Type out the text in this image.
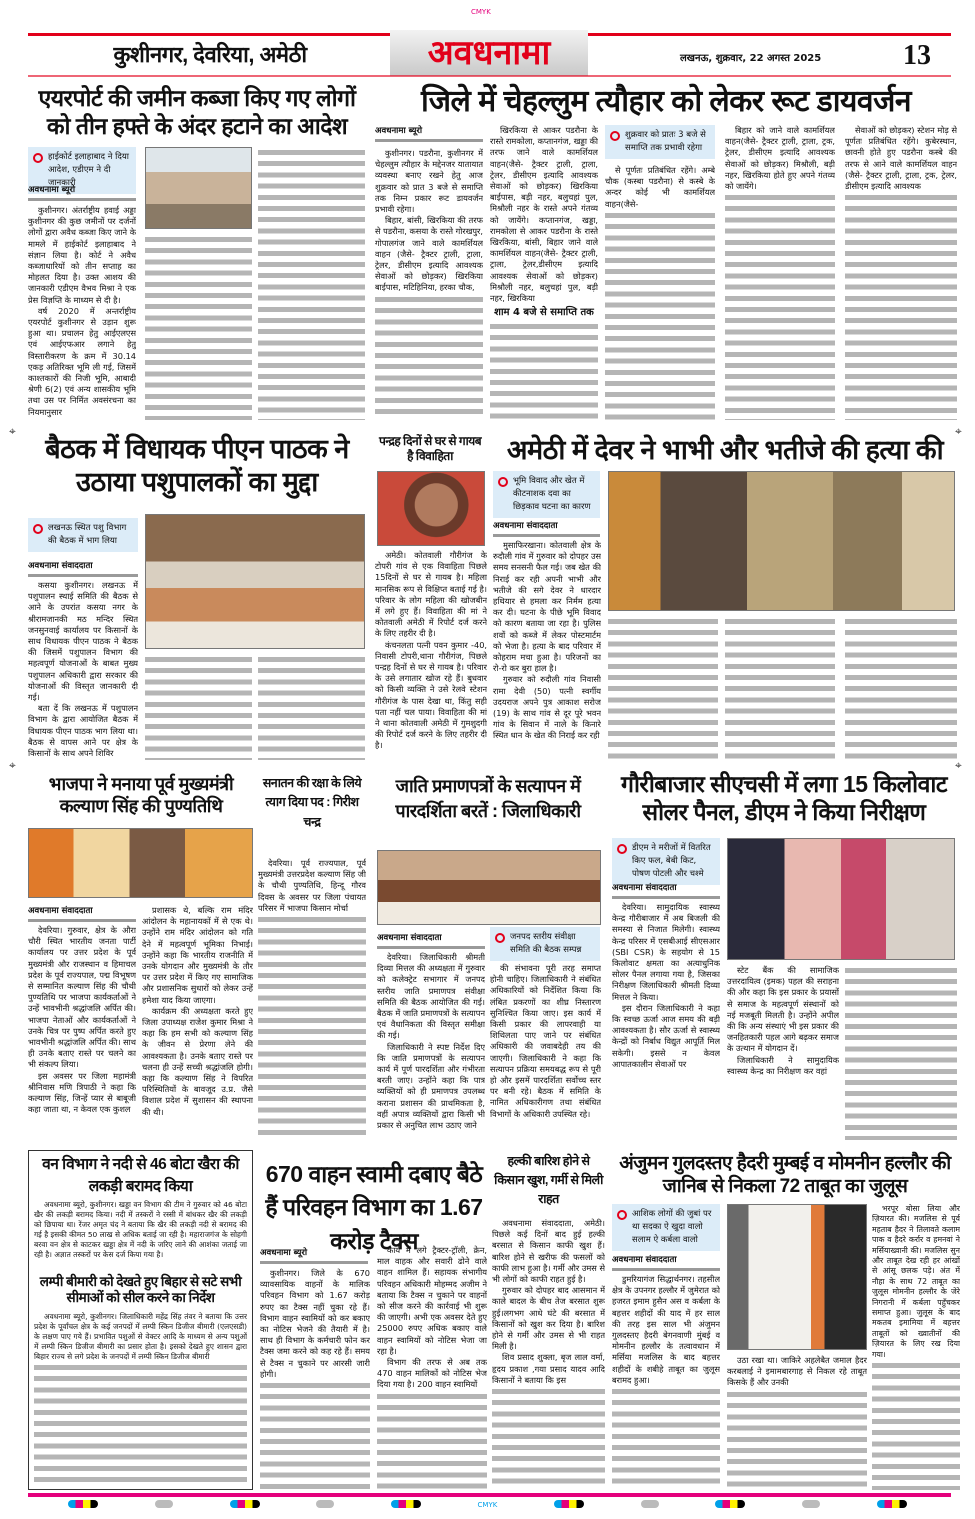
CMYK
कुशीनगर, देवरिया, अमेठी	अवधनामा	लखनऊ, शुक्रवार, 22 अगस्त 2025	13
एयरपोर्ट की जमीन कब्जा किए गए लोगों को तीन हफ्ते के अंदर हटाने का आदेश
हाईकोर्ट इलाहाबाद ने दिया आदेश, एडीएम ने दी जानकारी
अवधनामा ब्यूरो

कुशीनगर। अंतर्राष्ट्रीय हवाई अड्डा कुशीनगर की कुछ जमीनों पर दर्जनों लोगों द्वारा अवैध कब्जा किए जाने के मामले में हाईकोर्ट इलाहाबाद ने संज्ञान लिया है। कोर्ट ने अवैध कब्जाधारियों को तीन सप्ताह का मोहलत दिया है। उक्त आशय की जानकारी एडीएम वैभव मिश्रा ने एक प्रेस विज्ञप्ति के माध्यम से दी है।

वर्ष 2020 में अन्तर्राष्ट्रीय एयरपोर्ट कुशीनगर से उड़ान शुरू हुआ था। प्रचालन हेतु आईएलएस एवं आईएफआर लगाने हेतु विस्तारीकरण के क्रम में 30.14 एकड़ अतिरिक्त भूमि ली गई, जिसमें काश्तकारों की निजी भूमि, आबादी श्रेणी 6(2) एवं अन्य शासकीय भूमि तथा उस पर निर्मित अवसंरचना का नियमानुसार

जिले में चेहल्लुम त्यौहार को लेकर रूट डायवर्जन
अवधनामा ब्यूरो

कुशीनगर। पडरौना, कुशीनगर में चेहल्लुम त्यौहार के मद्देनजर यातायात व्यवस्था बनाए रखने हेतु आज शुक्रवार को प्रात 3 बजे से समाप्ति तक निम्न प्रकार रूट डायवर्जन प्रभावी रहेगा।

बिहार, बांसी, खिरकिया की तरफ से पडरौना, कसया के रास्ते गोरखपुर, गोपालगंज जाने वाले कामर्शियल वाहन (जैसे- ट्रैक्टर ट्राली, ट्राला, ट्रेलर, डीसीएम इत्यादि आवश्यक सेवाओं को छोड़कर) खिरकिया बाईपास, मटिहिनिया, हरका चौक,

खिरकिया से आकर पडरौना के रास्ते रामकोला, कप्तानगंज, खड्डा की तरफ जाने वाले कामर्शियल वाहन(जैसे- ट्रैक्टर ट्राली, ट्राला, ट्रेलर, डीसीएम इत्यादि आवश्यक सेवाओं को छोड़कर) खिरकिया बाईपास, बड़ी नहर, बलुचहां पुल, मिश्रौली नहर के रास्ते अपने गंतव्य को जायेंगे। कप्तानगंज, खड्डा, रामकोला से आकर पडरौना के रास्ते खिरकिया, बांसी, बिहार जाने वाले कामर्शियल वाहन(जैसे- ट्रैक्टर ट्राली, ट्राला, ट्रेलर,डीसीएम इत्यादि आवश्यक सेवाओं को छोड़कर) मिश्रौली नहर, बलुचहां पुल, बड़ी नहर, खिरकिया

शाम 4 बजे से समाप्ति तक
शुक्रवार को प्रातः 3 बजे से समाप्ति तक प्रभावी रहेगा

से पूर्णतः प्रतिबंधित रहेंगे। अम्बे चौक (कस्बा पडरौना) से कस्बे के अन्दर कोई भी कामर्शियल वाहन(जैसे-

बिहार को जाने वाले कामर्शियल वाहन(जैसे- ट्रैक्टर ट्राली, ट्राला, ट्रक, ट्रेलर, डीसीएम इत्यादि आवश्यक सेवाओं को छोड़कर) मिश्रौली, बड़ी नहर, खिरकिया होते हुए अपने गंतव्य को जायेंगे।

सेवाओं को छोड़कर) स्टेशन मोड़ से पूर्णतः प्रतिबंधित रहेंगे। कुबेरस्थान, छावनी होते हुए पडरौना कस्बे की तरफ से आने वाले कामर्शियल वाहन (जैसे- ट्रैक्टर ट्राली, ट्राला, ट्रक, ट्रेलर, डीसीएम इत्यादि आवश्यक

⌖	⌖
बैठक में विधायक पीएन पाठक ने उठाया पशुपालकों का मुद्दा
लखनऊ स्थित पशु विभाग की बैठक में भाग लिया
अवधनामा संवाददाता

कसया कुशीनगर। लखनऊ में पशुपालन स्थाई समिति की बैठक से आने के उपरांत कसया नगर के श्रीरामजानकी मठ मन्दिर स्थित जनसुनवाई कार्यालय पर किसानों के साथ विधायक पीएन पाठक ने बैठक की जिसमें पशुपालन विभाग की महत्वपूर्ण योजनाओं के बाबत मुख्य पशुपालन अधिकारी द्वारा सरकार की योजनाओं की विस्तृत जानकारी दी गई।

बता दें कि लखनऊ में पशुपालन विभाग के द्वारा आयोजित बैठक में विधायक पीएन पाठक भाग लिया था। बैठक से वापस आने पर क्षेत्र के किसानों के साथ अपने शिविर

पन्द्रह दिनों से घर से गायब है विवाहिता

अमेठी। कोतवाली गौरीगंज के टोपरी गांव से एक विवाहिता पिछले 15दिनों से घर से गायब है। महिला मानसिक रूप से विक्षिप्त बताई गई है। परिवार के लोग महिला की खोजबीन में लगे हुए हैं। विवाहिता की मां ने कोतवाली अमेठी में रिपोर्ट दर्ज करने के लिए तहरीर दी है।

कंचनलता पत्नी पवन कुमार -40, निवासी टोपरी,थाना गौरीगंज, पिछले पन्द्रह दिनों से घर से गायब है। परिवार के उसे लगातार खोज रहे हैं। बुधवार को किसी व्यक्ति ने उसे रेलवे स्टेशन गौरीगंज के पास देखा था, किंतु सही पता नहीं चल पाया। विवाहिता की मां ने थाना कोतवाली अमेठी में गुमशुदगी की रिपोर्ट दर्ज करने के लिए तहरीर दी है।

अमेठी में देवर ने भाभी और भतीजे की हत्या की
भूमि विवाद और खेत में कीटनाशक दवा का छिड़काव घटना का कारण
अवधनामा संवाददाता

मुसाफिरखाना। कोतवाली क्षेत्र के रुदौली गांव में गुरुवार को दोपहर उस समय सनसनी फैल गई। जब खेत की निराई कर रही अपनी भाभी और भतीजे की सगे देवर ने धारदार हथियार से हमला कर निर्मम हत्या कर दी। घटना के पीछे भूमि विवाद को कारण बताया जा रहा है। पुलिस शवों को कब्जे में लेकर पोस्टमार्टम को भेजा है। हत्या के बाद परिवार में कोहराम मचा हुआ है। परिजनों का रो-रो कर बुरा हाल है।

गुरुवार को रुदौली गांव निवासी रामा देवी (50) पत्नी स्वर्गीय उदयराज अपने पुत्र आकाश सरोज (19) के साथ गांव से दूर पूरे भवन गांव के सिवान में नाले के किनारे स्थित धान के खेत की निराई कर रही

⌖	⌖
भाजपा ने मनाया पूर्व मुख्यमंत्री कल्याण सिंह की पुण्यतिथि
अवधनामा संवाददाता

देवरिया। गुरुवार, क्षेत्र के औरा चौरी स्थित भारतीय जनता पार्टी कार्यालय पर उत्तर प्रदेश के पूर्व मुख्यमंत्री और राजस्थान व हिमाचल प्रदेश के पूर्व राज्यपाल, पद्म विभूषण से सम्मानित कल्याण सिंह की चौथी पुण्यतिथि पर भाजपा कार्यकर्ताओं ने उन्हें भावभीनी श्रद्धांजलि अर्पित की। भाजपा नेताओं और कार्यकर्ताओं ने उनके चित्र पर पुष्प अर्पित करते हुए भावभीनी श्रद्धांजलि अर्पित की। साथ ही उनके बताए रास्ते पर चलने का भी संकल्प लिया।

इस अवसर पर जिला महामंत्री श्रीनिवास मणि त्रिपाठी ने कहा कि कल्याण सिंह, जिन्हें प्यार से बाबूजी कहा जाता था, न केवल एक कुशल

प्रशासक थे, बल्कि राम मंदिर आंदोलन के महानायकों में से एक थे। उन्होंने राम मंदिर आंदोलन को गति देने में महत्वपूर्ण भूमिका निभाई। उन्होंने कहा कि भारतीय राजनीति में उनके योगदान और मुख्यमंत्री के तौर पर उत्तर प्रदेश में किए गए सामाजिक और प्रशासनिक सुधारों को लेकर उन्हें हमेशा याद किया जाएगा।

कार्यक्रम की अध्यक्षता करते हुए जिला उपाध्यक्ष राजेश कुमार मिश्रा ने कहा कि हम सभी को कल्याण सिंह के जीवन से प्रेरणा लेने की आवश्यकता है। उनके बताए रास्ते पर चलना ही उन्हें सच्ची श्रद्धांजलि होगी। कहा कि कल्याण सिंह ने विपरित परिस्थितियों के बावजूद उ.प्र. जैसे विशाल प्रदेश में सुशासन की स्थापना की थी।

सनातन की रक्षा के लिये त्याग दिया पद : गिरीश चन्द्र

देवरिया। पूर्व राज्यपाल, पूर्व मुख्यमंत्री उत्तरप्रदेश कल्याण सिंह जी के चौथी पुण्यतिथि, हिन्दू गौरव दिवस के अवसर पर जिला पंचायत परिसर में भाजपा किसान मोर्चा

जाति प्रमाणपत्रों के सत्यापन में पारदर्शिता बरतें : जिलाधिकारी
अवधनामा संवाददाता

देवरिया। जिलाधिकारी श्रीमती दिव्या मित्तल की अध्यक्षता में गुरुवार को कलेक्ट्रेट सभागार में जनपद स्तरीय जाति प्रमाणपत्र संवीक्षा समिति की बैठक आयोजित की गई। बैठक में जाति प्रमाणपत्रों के सत्यापन एवं वैधानिकता की विस्तृत समीक्षा की गई।

जिलाधिकारी ने स्पष्ट निर्देश दिए कि जाति प्रमाणपत्रों के सत्यापन कार्य में पूर्ण पारदर्शिता और गंभीरता बरती जाए। उन्होंने कहा कि पात्र व्यक्तियों को ही प्रमाणपत्र उपलब्ध कराना प्रशासन की प्राथमिकता है, वहीं अपात्र व्यक्तियों द्वारा किसी भी प्रकार से अनुचित लाभ उठाए जाने

जनपद स्तरीय संवीक्षा समिति की बैठक सम्पन्न

की संभावना पूरी तरह समाप्त होनी चाहिए। जिलाधिकारी ने संबंधित अधिकारियों को निर्देशित किया कि लंबित प्रकरणों का शीघ्र निस्तारण सुनिश्चित किया जाए। इस कार्य में किसी प्रकार की लापरवाही या शिथिलता पाए जाने पर संबंधित अधिकारी की जवाबदेही तय की जाएगी। जिलाधिकारी ने कहा कि सत्यापन प्रक्रिया समयबद्ध रूप से पूरी हो और इसमें पारदर्शिता सर्वोच्च स्तर पर बनी रहे। बैठक में समिति के नामित अधिकारीगण तथा संबंधित विभागों के अधिकारी उपस्थित रहे।

गौरीबाजार सीएचसी में लगा 15 किलोवाट सोलर पैनल, डीएम ने किया निरीक्षण
डीएम ने मरीजों में वितरित किए फल, बेबी किट, पोषण पोटली और चश्मे
अवधनामा संवाददाता

देवरिया। सामुदायिक स्वास्थ्य केन्द्र गौरीबाजार में अब बिजली की समस्या से निजात मिलेगी। स्वास्थ्य केन्द्र परिसर में एसबीआई सीएसआर (SBI CSR) के सहयोग से 15 किलोवाट क्षमता का अत्याधुनिक सोलर पैनल लगाया गया है, जिसका निरीक्षण जिलाधिकारी श्रीमती दिव्या मित्तल ने किया।

इस दौरान जिलाधिकारी ने कहा कि स्वच्छ ऊर्जा आज समय की बड़ी आवश्यकता है। सौर ऊर्जा से स्वास्थ्य केन्द्रों को निर्बाध विद्युत आपूर्ति मिल सकेगी। इससे न केवल आपातकालीन सेवाओं पर

स्टेट बैंक की सामाजिक उत्तरदायित्व (इमक) पहल की सराहना की और कहा कि इस प्रकार के प्रयासों से समाज के महत्वपूर्ण संस्थानों को नई मजबूती मिलती है। उन्होंने अपील की कि अन्य संस्थाएं भी इस प्रकार की जनहितकारी पहल आगे बढ़कर समाज के उत्थान में योगदान दें।

जिलाधिकारी ने सामुदायिक स्वास्थ्य केन्द्र का निरीक्षण कर वहां

वन विभाग ने नदी से 46 बोटा खैरा की लकड़ी बरामद किया

अवधनामा ब्यूरो, कुशीनगर। खड्डा वन विभाग की टीम ने गुरुवार को 46 बोटा खैर की लकड़ी बरामद किया। नदी में तस्करों ने रस्सी में बांधकर खैर की लकड़ी को छिपाया था। रेंजर अमृत चंद ने बताया कि खैर की लकड़ी नदी से बरामद की गई है इसकी कीमत 50 लाख से अधिक बताई जा रही है। महाराजगंज के सोहगी बरवा वन क्षेत्र से काटकर खड्डा क्षेत्र में नदी के जरिए लाने की आशंका जताई जा रही है। अज्ञात तस्करों पर केस दर्ज किया गया है।

लम्पी बीमारी को देखते हुए बिहार से सटे सभी सीमाओं को सील करने का निर्देश

अवधनामा ब्यूरो, कुशीनगर। जिलाधिकारी महेंद्र सिंह तंवर ने बताया कि उत्तर प्रदेश के पूर्वांचल क्षेत्र के कई जनपदों में लम्पी स्किन डिजीज बीमारी (एलएसडी) के लक्षण पाए गये हैं। प्रभावित पशुओं से वेक्टर आदि के माध्यम से अन्य पशुओं में लम्पी स्किन डिजीज बीमारी का प्रसार होता है। इसको देखते हुए शासन द्वारा बिहार राज्य से लगे प्रदेश के जनपदों में लम्पी स्किन डिजीज बीमारी

670 वाहन स्वामी दबाए बैठे हैं परिवहन विभाग का 1.67 करोड़ टैक्स
अवधनामा ब्यूरो

कुशीनगर। जिले के 670 व्यावसायिक वाहनों के मालिक परिवहन विभाग को 1.67 करोड़ रुपए का टैक्स नहीं चुका रहे हैं। विभाग वाहन स्वामियों को कर बकाए का नोटिस भेजने की तैयारी में है। साथ ही विभाग के कर्मचारी फोन कर टैक्स जमा करने को कह रहे हैं। समय से टैक्स न चुकाने पर आरसी जारी होगी।

कार्य में लगे ट्रैक्टर-ट्रॉली, क्रेन, माल वाहक और सवारी ढोने वाले वाहन शामिल हैं। सहायक संभागीय परिवहन अधिकारी मोहम्मद अजीम ने बताया कि टैक्स न चुकाने पर वाहनों को सीज करने की कार्रवाई भी शुरू की जाएगी। अभी एक अवसर देते हुए 25000 रुपए अधिक बकाए वाले वाहन स्वामियों को नोटिस भेजा जा रहा है।

विभाग की तरफ से अब तक 470 वाहन मालिकों को नोटिस भेज दिया गया है। 200 वाहन स्वामियों

हल्की बारिश होने से किसान खुश, गर्मी से मिली राहत

अवधनामा संवाददाता, अमेठी। पिछले कई दिनों बाद हुई हल्की बरसात से किसान काफी खुश हैं। बारिश होने से खरीफ की फसलों को काफी लाभ हुआ है। गर्मी और उमस से भी लोगों को काफी राहत हुई है।

गुरुवार को दोपहर बाद आसमान में काले बादल के बीच तेज बरसात शुरू हुई।लगभग आधे घंटे की बरसात में किसानों को खुश कर दिया है। बारिश होने से गर्मी और उमस से भी राहत मिली है।

शिव प्रसाद शुक्ला, बृज लाल वर्मा, हृदय प्रकाश ,गया प्रसाद यादव आदि किसानों ने बताया कि इस

अंजुमन गुलदस्तए हैदरी मुम्बई व मोमनीन हल्लौर की जानिब से निकला 72 ताबूत का जुलूस
आशिक लोगों की जुबां पर था सदका ऐ खुदा वालो सलाम ऐ कर्बला वालो
अवधनामा संवाददाता

डुमरियागंज सिद्धार्थनगर। तहसील क्षेत्र के उपनगर हल्लौर में जुमेरात को हजरत इमाम हुसैन अस व कर्बला के बहत्तर शहीदों की याद में हर साल की तरह इस साल भी अंजुमन गुलदस्तए हैदरी बेगनवाणी मुंबई व मोमनीन हल्लौर के तत्वावधान में मर्सिया मजलिस के बाद बहत्तर शहीदों के शबीहे ताबूत का जुलूस बरामद हुआ।

उठा रखा था। जाकिरे अहलेबैत जमाल हैदर करबलाई ने इमामबारगाह से निकल रहे ताबूत किसके हैं और उनकी

भरपूर बोसा लिया और ज़ियारत की। मजलिस से पूर्व महताब हैदर ने तिलावते कलाम पाक व हैदरे कर्रार व हमनवां ने मर्सियाख्वानी की। मजलिस सुन और ताबूत देख रही हर आंखों से आंसू छलक पड़े। अंत में नौहा के साथ 72 ताबूत का जुलूस मोमनीन हल्लौर के जेरे निगरानी में कर्बला पहुँचकर समाप्त हुआ। जुलूस के बाद मकतब इमामिया में बहत्तर ताबूतों को ख्वातीनों की ज़ियारत के लिए रख दिया गया।

CMYK
